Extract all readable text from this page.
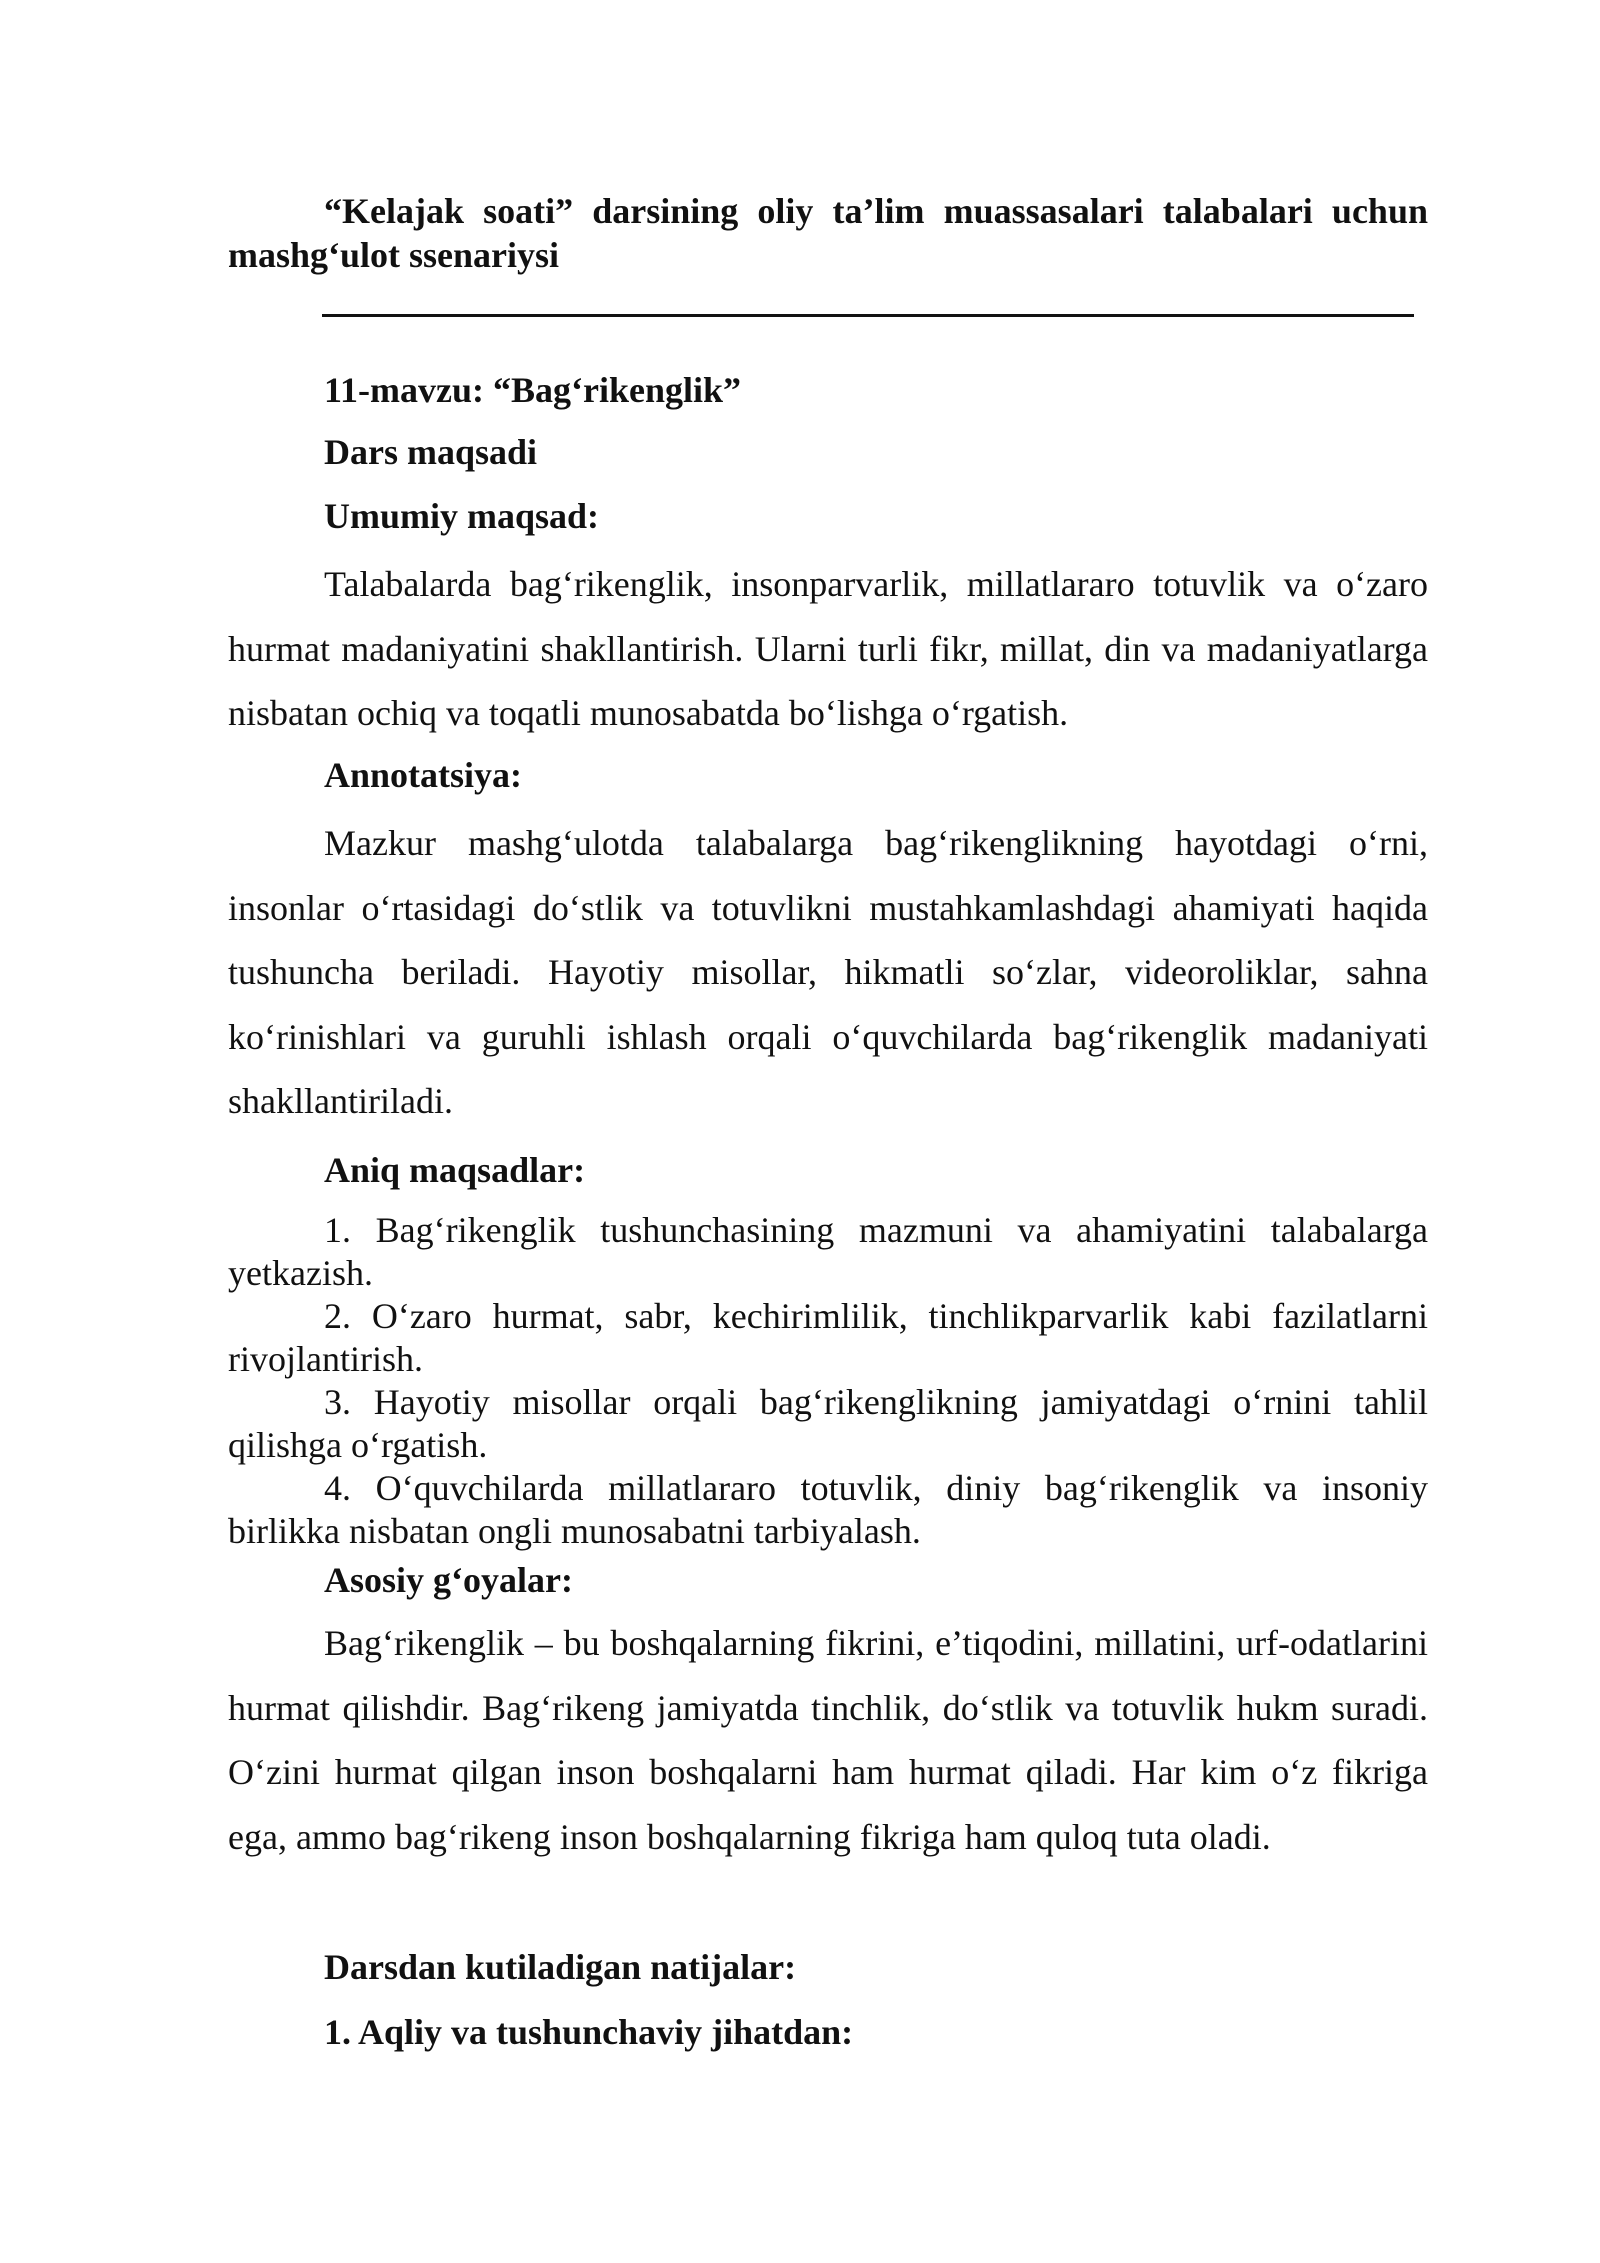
“Kelajak soati” darsining oliy ta’lim muassasalari talabalari uchun mashg‘ulot ssenariysi
11-mavzu: “Bag‘rikenglik”
Dars maqsadi
Umumiy maqsad:
Talabalarda bag‘rikenglik, insonparvarlik, millatlararo totuvlik va o‘zaro hurmat madaniyatini shakllantirish. Ularni turli fikr, millat, din va madaniyatlarga nisbatan ochiq va toqatli munosabatda bo‘lishga o‘rgatish.
Annotatsiya:
Mazkur mashg‘ulotda talabalarga bag‘rikenglikning hayotdagi o‘rni, insonlar o‘rtasidagi do‘stlik va totuvlikni mustahkamlashdagi ahamiyati haqida tushuncha beriladi. Hayotiy misollar, hikmatli so‘zlar, videoroliklar, sahna ko‘rinishlari va guruhli ishlash orqali o‘quvchilarda bag‘rikenglik madaniyati shakllantiriladi.
Aniq maqsadlar:
1. Bag‘rikenglik tushunchasining mazmuni va ahamiyatini talabalarga yetkazish.
2. O‘zaro hurmat, sabr, kechirimlilik, tinchlikparvarlik kabi fazilatlarni rivojlantirish.
3. Hayotiy misollar orqali bag‘rikenglikning jamiyatdagi o‘rnini tahlil qilishga o‘rgatish.
4. O‘quvchilarda millatlararo totuvlik, diniy bag‘rikenglik va insoniy birlikka nisbatan ongli munosabatni tarbiyalash.
Asosiy g‘oyalar:
Bag‘rikenglik – bu boshqalarning fikrini, e’tiqodini, millatini, urf-odatlarini hurmat qilishdir. Bag‘rikeng jamiyatda tinchlik, do‘stlik va totuvlik hukm suradi. O‘zini hurmat qilgan inson boshqalarni ham hurmat qiladi. Har kim o‘z fikriga ega, ammo bag‘rikeng inson boshqalarning fikriga ham quloq tuta oladi.
Darsdan kutiladigan natijalar:
1. Aqliy va tushunchaviy jihatdan:
